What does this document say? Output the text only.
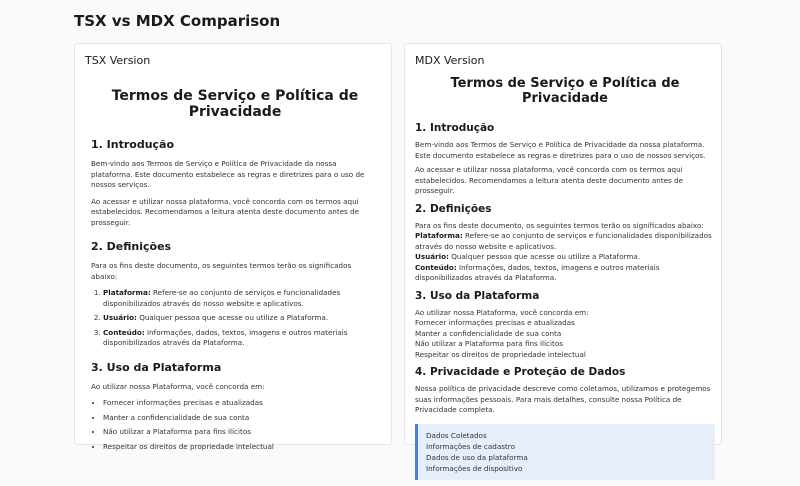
TSX vs MDX Comparison
TSX Version
Termos de Serviço e Política de Privacidade
1. Introdução

Bem-vindo aos Termos de Serviço e Política de Privacidade da nossa plataforma. Este documento estabelece as regras e diretrizes para o uso de nossos serviços.

Ao acessar e utilizar nossa plataforma, você concorda com os termos aqui estabelecidos. Recomendamos a leitura atenta deste documento antes de prosseguir.

2. Definições

Para os fins deste documento, os seguintes termos terão os significados abaixo:

1. Plataforma: Refere-se ao conjunto de serviços e funcionalidades disponibilizados através do nosso website e aplicativos.
2. Usuário: Qualquer pessoa que acesse ou utilize a Plataforma.
3. Conteúdo: Informações, dados, textos, imagens e outros materiais disponibilizados através da Plataforma.
3. Uso da Plataforma

Ao utilizar nossa Plataforma, você concorda em:

• Fornecer informações precisas e atualizadas
• Manter a confidencialidade de sua conta
• Não utilizar a Plataforma para fins ilícitos
• Respeitar os direitos de propriedade intelectual
MDX Version
Termos de Serviço e Política de Privacidade
1. Introdução

Bem-vindo aos Termos de Serviço e Política de Privacidade da nossa plataforma. Este documento estabelece as regras e diretrizes para o uso de nossos serviços.

Ao acessar e utilizar nossa plataforma, você concorda com os termos aqui estabelecidos. Recomendamos a leitura atenta deste documento antes de prosseguir.

2. Definições

Para os fins deste documento, os seguintes termos terão os significados abaixo:
Plataforma: Refere-se ao conjunto de serviços e funcionalidades disponibilizados através do nosso website e aplicativos.
Usuário: Qualquer pessoa que acesse ou utilize a Plataforma.
Conteúdo: Informações, dados, textos, imagens e outros materiais disponibilizados através da Plataforma.

3. Uso da Plataforma

Ao utilizar nossa Plataforma, você concorda em:
Fornecer informações precisas e atualizadas
Manter a confidencialidade de sua conta
Não utilizar a Plataforma para fins ilícitos
Respeitar os direitos de propriedade intelectual

4. Privacidade e Proteção de Dados

Nossa política de privacidade descreve como coletamos, utilizamos e protegemos suas informações pessoais. Para mais detalhes, consulte nossa Política de Privacidade completa.

Dados Coletados
Informações de cadastro
Dados de uso da plataforma
Informações de dispositivo
